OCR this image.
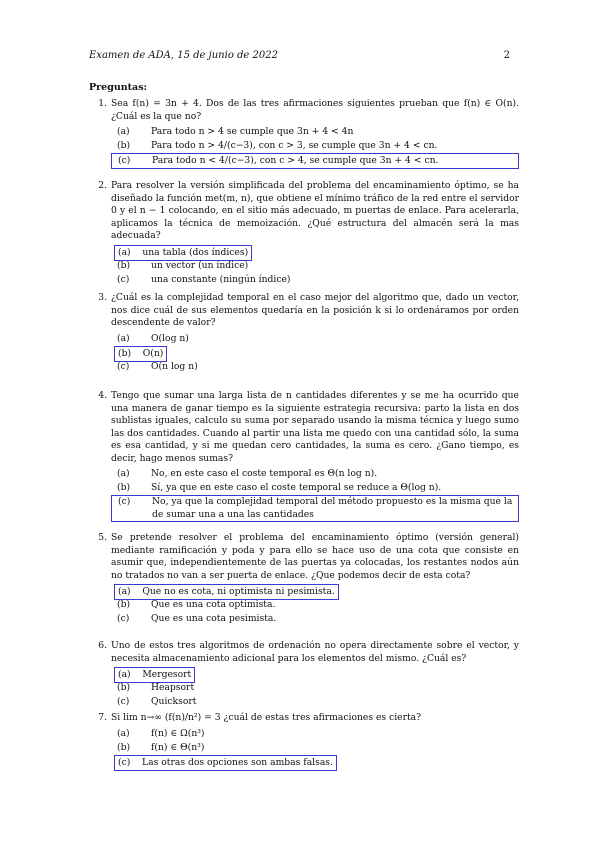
Examen de ADA, 15 de junio de 2022	2
Preguntas:
1. Sea f(n) = 3n + 4. Dos de las tres afirmaciones siguientes prueban que f(n) ∈ O(n). ¿Cuál es la que no?
(a)	Para todo n > 4 se cumple que 3n + 4 < 4n
(b)	Para todo n > 4/(c−3), con c > 3, se cumple que 3n + 4 < cn.
(c)	Para todo n < 4/(c−3), con c > 4, se cumple que 3n + 4 < cn.
2. Para resolver la versión simplificada del problema del encaminamiento óptimo, se ha diseñado la función met(m, n), que obtiene el mínimo tráfico de la red entre el servidor 0 y el n − 1 colocando, en el sitio más adecuado, m puertas de enlace. Para acelerarla, aplicamos la técnica de memoización. ¿Qué estructura del almacén será la mas adecuada?
(a) una tabla (dos índices)
(b)	un vector (un índice)
(c)	una constante (ningún índice)
3. ¿Cuál es la complejidad temporal en el caso mejor del algoritmo que, dado un vector, nos dice cuál de sus elementos quedaría en la posición k si lo ordenáramos por orden descendente de valor?
(a)	O(log n)
(b) O(n)
(c)	O(n log n)
4. Tengo que sumar una larga lista de n cantidades diferentes y se me ha ocurrido que una manera de ganar tiempo es la siguiente estrategia recursiva: parto la lista en dos sublistas iguales, calculo su suma por separado usando la misma técnica y luego sumo las dos cantidades. Cuando al partir una lista me quedo con una cantidad sólo, la suma es esa cantidad, y si me quedan cero cantidades, la suma es cero. ¿Gano tiempo, es decir, hago menos sumas?
(a)	No, en este caso el coste temporal es Θ(n log n).
(b)	Sí, ya que en este caso el coste temporal se reduce a Θ(log n).
(c)	No, ya que la complejidad temporal del método propuesto es la misma que la de sumar una a una las cantidades
5. Se pretende resolver el problema del encaminamiento óptimo (versión general) mediante ramificación y poda y para ello se hace uso de una cota que consiste en asumir que, independientemente de las puertas ya colocadas, los restantes nodos aún no tratados no van a ser puerta de enlace. ¿Que podemos decir de esta cota?
(a) Que no es cota, ni optimista ni pesimista.
(b)	Que es una cota optimista.
(c)	Que es una cota pesimista.
6. Uno de estos tres algoritmos de ordenación no opera directamente sobre el vector, y necesita almacenamiento adicional para los elementos del mismo. ¿Cuál es?
(a) Mergesort
(b)	Heapsort
(c)	Quicksort
7. Si lim n→∞ (f(n)/n²) = 3 ¿cuál de estas tres afirmaciones es cierta?
(a)	f(n) ∈ Ω(n³)
(b)	f(n) ∈ Θ(n³)
(c) Las otras dos opciones son ambas falsas.
